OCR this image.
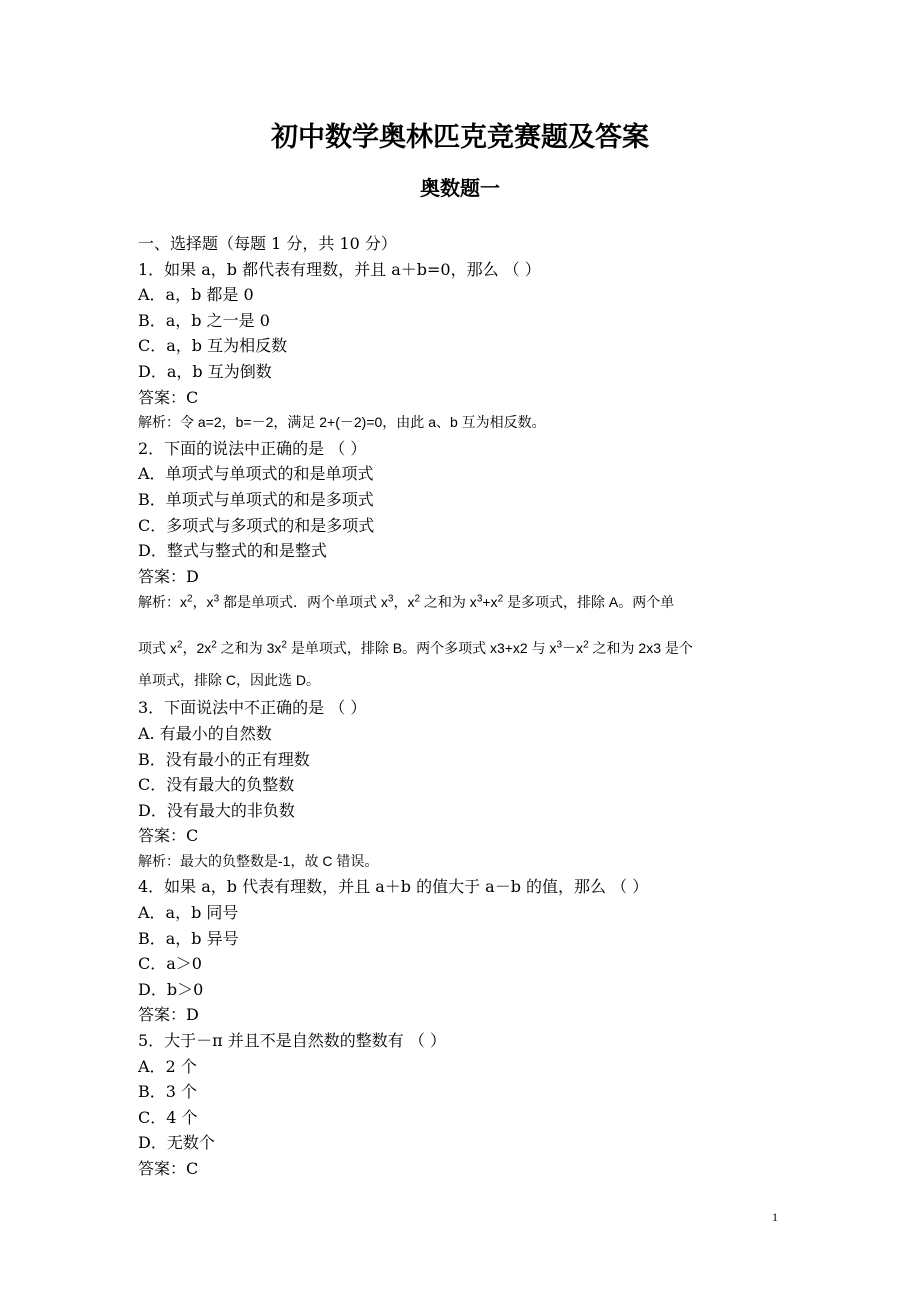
初中数学奥林匹克竞赛题及答案
奥数题一
一、选择题（每题 1 分，共 10 分）
1．如果 a，b 都代表有理数，并且 a＋b=0，那么 （ ）
A．a，b 都是 0
B．a，b 之一是 0
C．a，b 互为相反数
D．a，b 互为倒数
答案：C
解析：令 a=2，b=－2，满足 2+(－2)=0，由此 a、b 互为相反数。
2．下面的说法中正确的是 （ ）
A．单项式与单项式的和是单项式
B．单项式与单项式的和是多项式
C．多项式与多项式的和是多项式
D．整式与整式的和是整式
答案：D
解析：$x^2$，$x^3$ 都是单项式．两个单项式 $x^3$，$x^2$ 之和为 $x^3+x^2$ 是多项式，排除 A。两个单
项式 $x^2$，$2x^2$ 之和为 $3x^2$ 是单项式，排除 B。两个多项式 x3+x2 与 $x^3-x^2$ 之和为 2x3 是个
单项式，排除 C，因此选 D。
3．下面说法中不正确的是 （ ）
A. 有最小的自然数
B．没有最小的正有理数
C．没有最大的负整数
D．没有最大的非负数
答案：C
解析：最大的负整数是-1，故 C 错误。
4．如果 a，b 代表有理数，并且 a＋b 的值大于 a－b 的值，那么 （ ）
A．a，b 同号
B．a，b 异号
C．a＞0
D．b＞0
答案：D
5．大于－π 并且不是自然数的整数有 （ ）
A．2 个
B．3 个
C．4 个
D．无数个
答案：C
1
